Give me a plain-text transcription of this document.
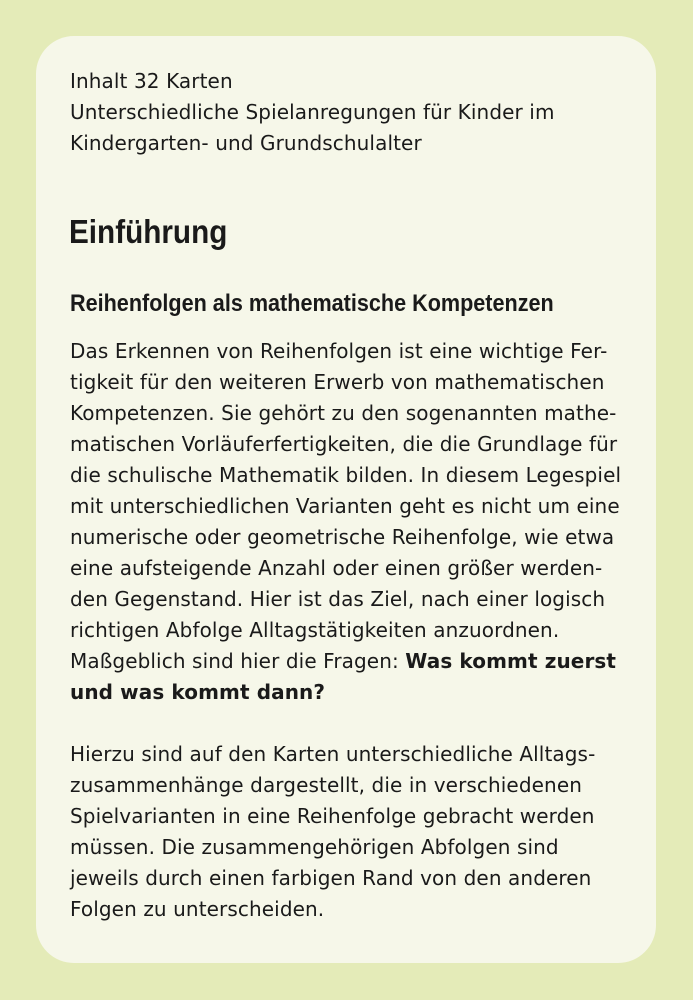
Inhalt 32 Karten
Unterschiedliche Spielanregungen für Kinder im
Kindergarten- und Grundschulalter
Einführung
Reihenfolgen als mathematische Kompetenzen
Das Erkennen von Reihenfolgen ist eine wichtige Fer-
tigkeit für den weiteren Erwerb von mathematischen
Kompetenzen. Sie gehört zu den sogenannten mathe-
matischen Vorläuferfertigkeiten, die die Grundlage für
die schulische Mathematik bilden. In diesem Legespiel
mit unterschiedlichen Varianten geht es nicht um eine
numerische oder geometrische Reihenfolge, wie etwa
eine aufsteigende Anzahl oder einen größer werden-
den Gegenstand. Hier ist das Ziel, nach einer logisch
richtigen Abfolge Alltagstätigkeiten anzuordnen.
Maßgeblich sind hier die Fragen: Was kommt zuerst
und was kommt dann?
Hierzu sind auf den Karten unterschiedliche Alltags-
zusammenhänge dargestellt, die in verschiedenen
Spielvarianten in eine Reihenfolge gebracht werden
müssen. Die zusammengehörigen Abfolgen sind
jeweils durch einen farbigen Rand von den anderen
Folgen zu unterscheiden.
